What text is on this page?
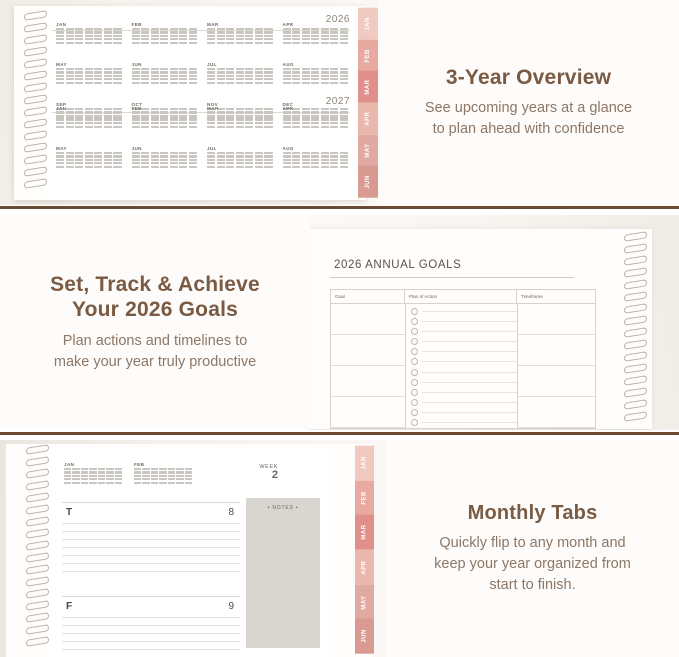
2026
2027
JAN	FEB	MAR	APR
MAY	JUN	JUL	AUG
SEP	OCT	NOV	DEC
JAN	FEB	MAR	APR
MAY	JUN	JUL	AUG
JAN
FEB
MAR
APR
MAY
JUN
3-Year Overview
See upcoming years at a glance
to plan ahead with confidence
Set, Track & Achieve
Your 2026 Goals
Plan actions and timelines to
make your year truly productive
2026 ANNUAL GOALS
Goal	Plan of Action	Timeframe
JAN	FEB	WEEK
2
T	8
F	9
• NOTES •
JAN
FEB
MAR
APR
MAY
JUN
Monthly Tabs
Quickly flip to any month and
keep your year organized from
start to finish.
